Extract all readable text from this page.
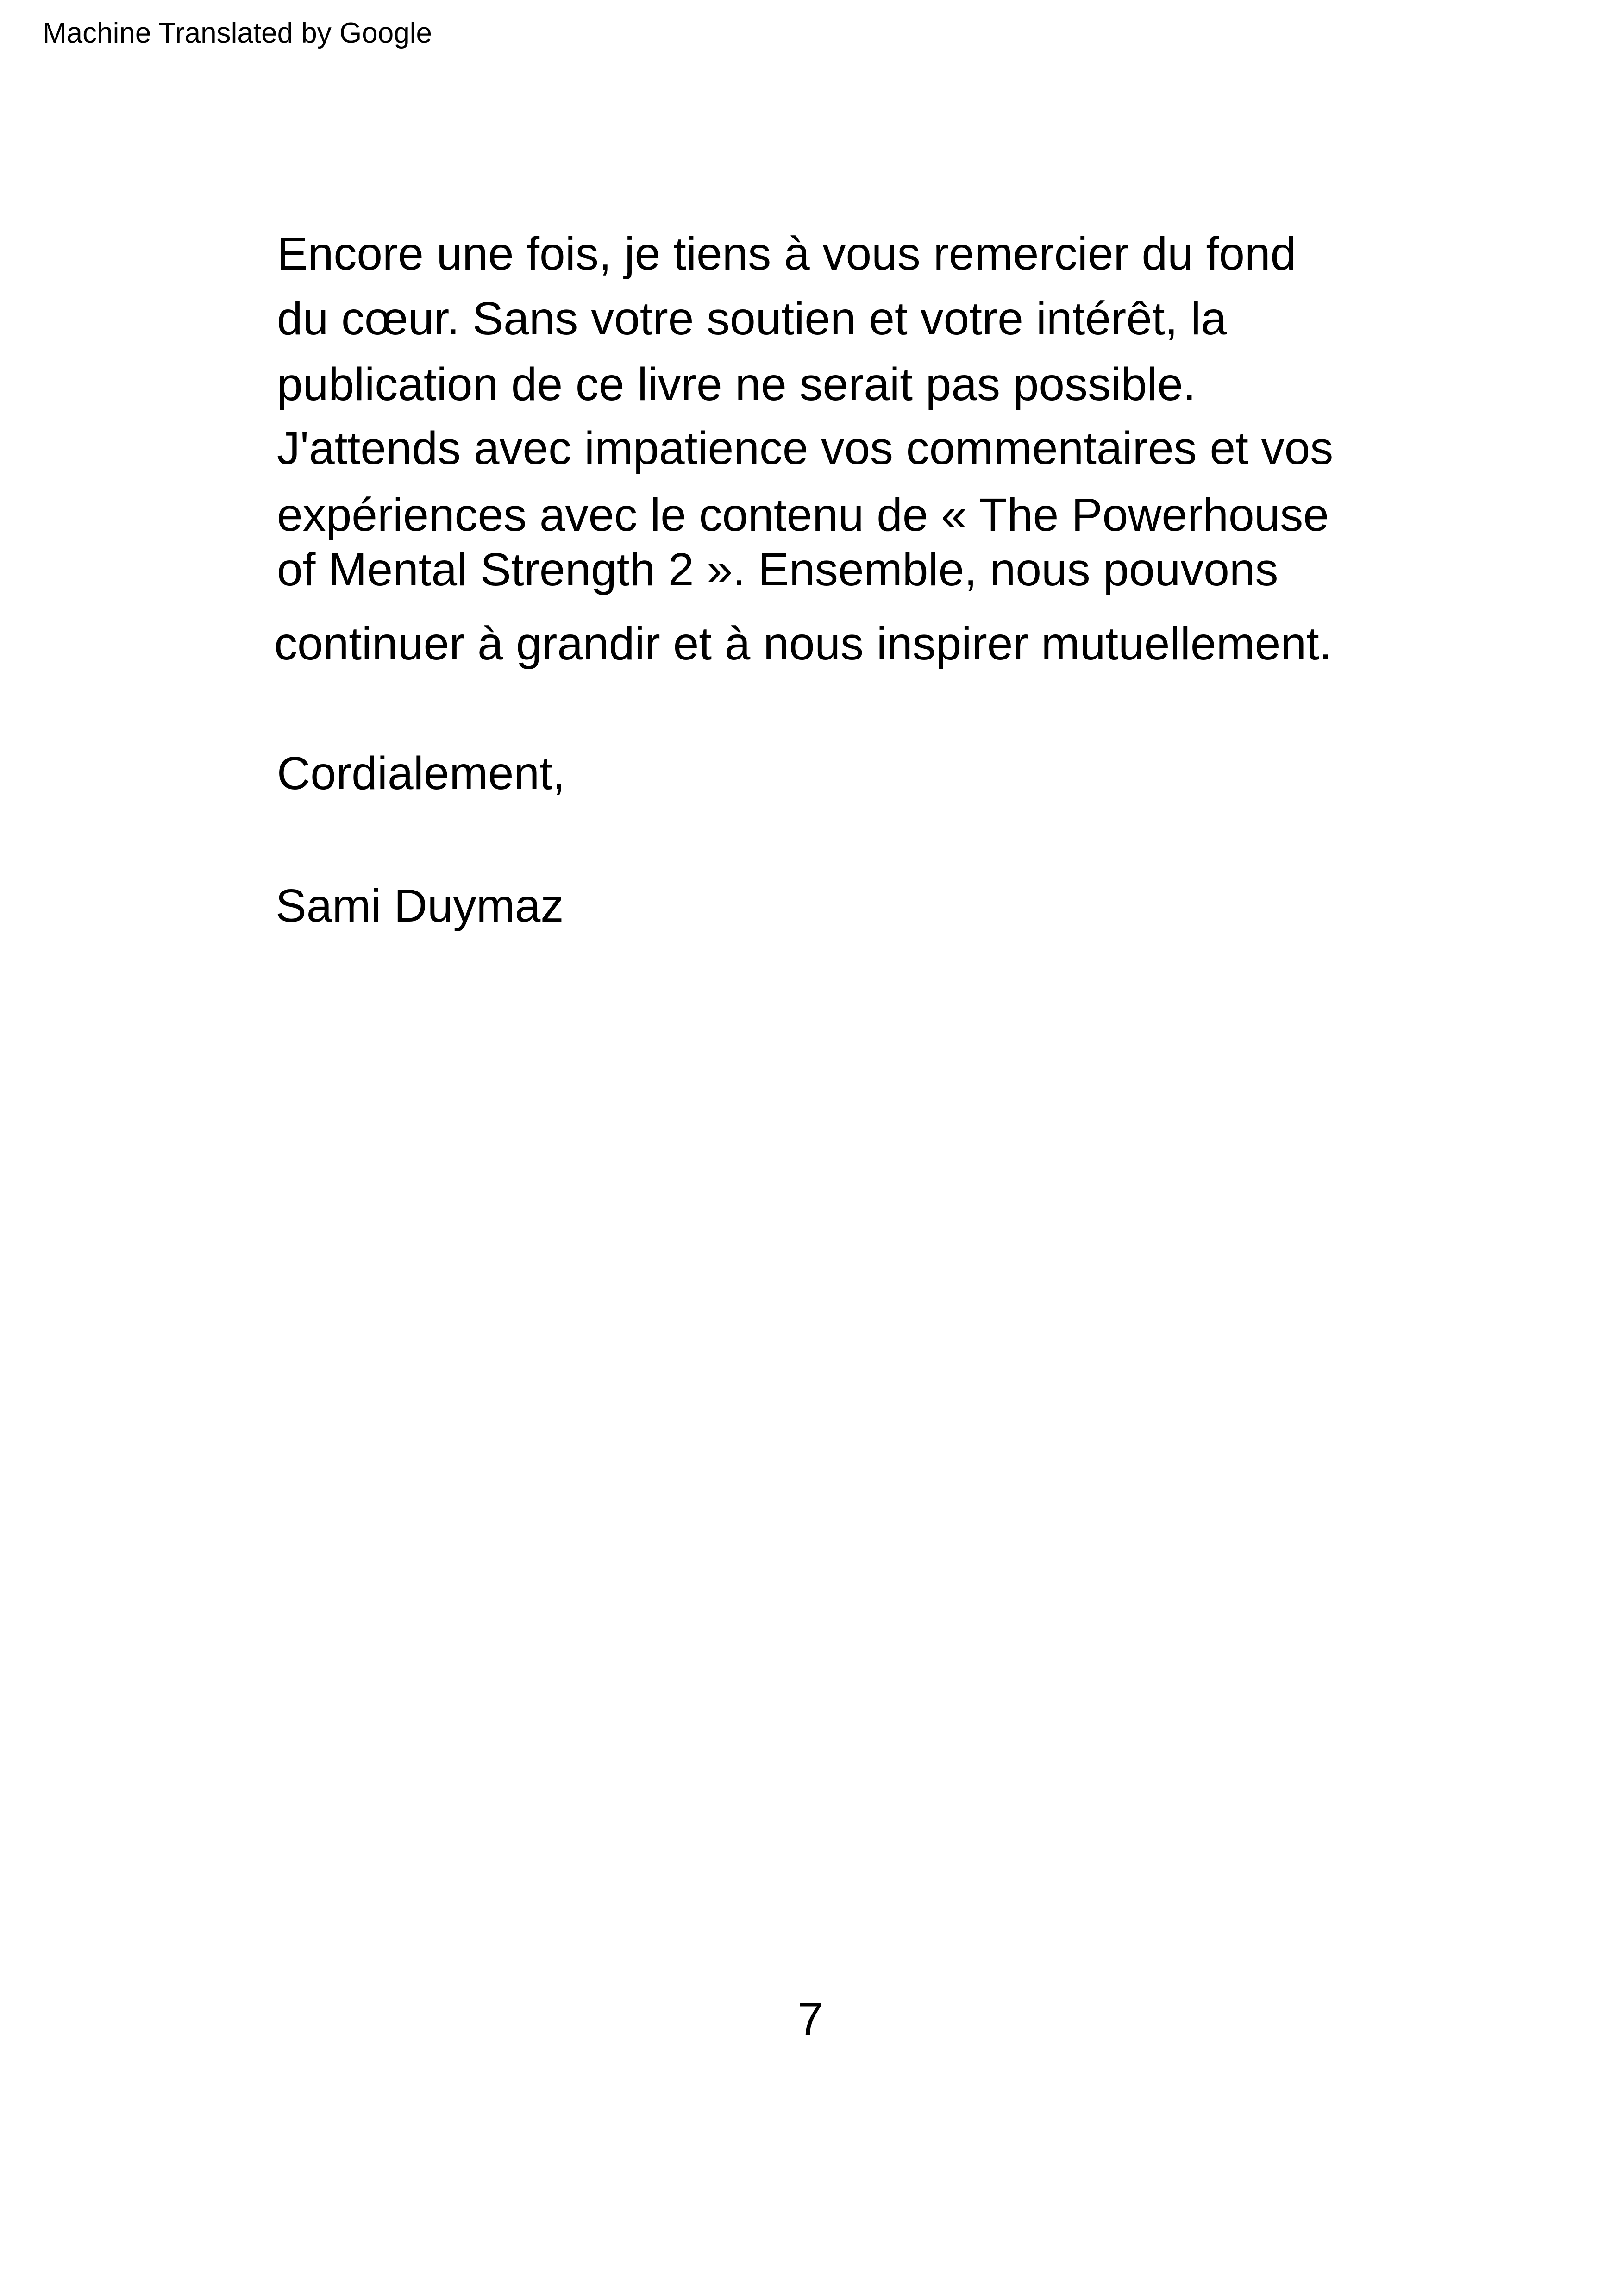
Machine Translated by Google
Encore une fois, je tiens à vous remercier du fond
du cœur. Sans votre soutien et votre intérêt, la
publication de ce livre ne serait pas possible.
J'attends avec impatience vos commentaires et vos
expériences avec le contenu de « The Powerhouse
of Mental Strength 2 ». Ensemble, nous pouvons
continuer à grandir et à nous inspirer mutuellement.
Cordialement,
Sami Duymaz
7
